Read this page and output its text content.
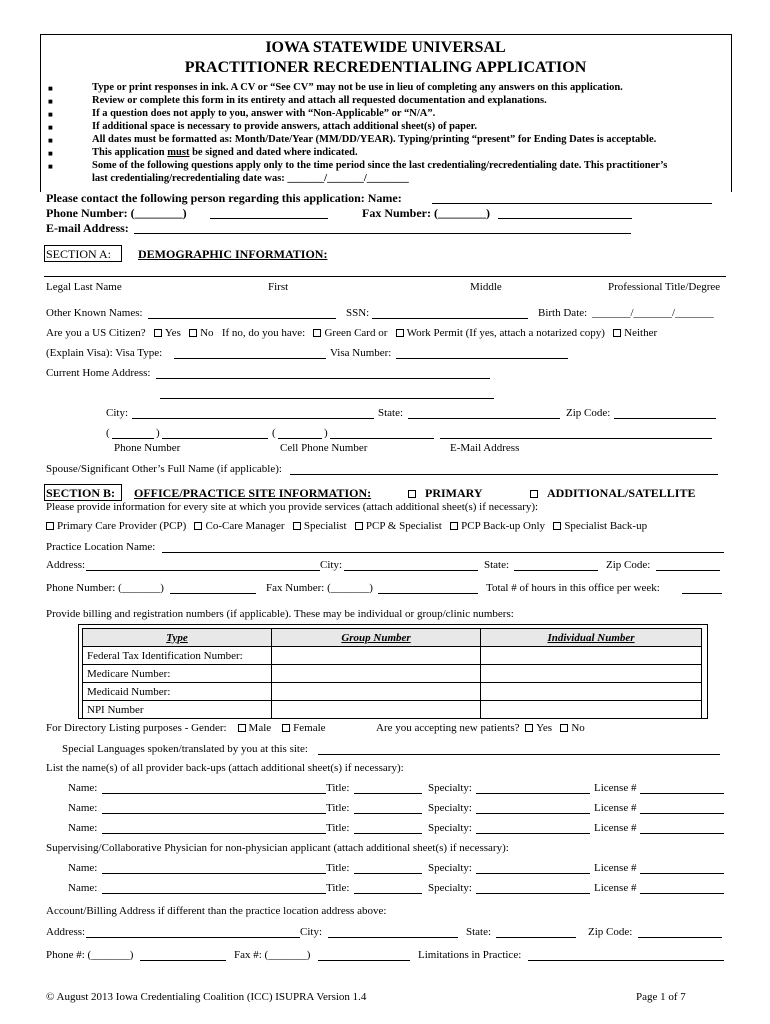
IOWA STATEWIDE UNIVERSAL
PRACTITIONER RECREDENTIALING APPLICATION
■	Type or print responses in ink. A CV or “See CV” may not be use in lieu of completing any answers on this application.
■	Review or complete this form in its entirety and attach all requested documentation and explanations.
■	If a question does not apply to you, answer with “Non-Applicable” or “N/A”.
■	If additional space is necessary to provide answers, attach additional sheet(s) of paper.
■	All dates must be formatted as: Month/Date/Year (MM/DD/YEAR). Typing/printing “present” for Ending Dates is acceptable.
■	This application must be signed and dated where indicated.
■	Some of the following questions apply only to the time period since the last credentialing/recredentialing date. This practitioner’s
last credentialing/recredentialing date was: _______/_______/________
Please contact the following person regarding this application: Name:
Phone Number: (________)	Fax Number: (________)
E-mail Address:
SECTION A: DEMOGRAPHIC INFORMATION:
Legal Last Name	First	Middle	Professional Title/Degree
Other Known Names:	SSN:	Birth Date: _______/_______/_______
Are you a US Citizen? Yes No If no, do you have: Green Card or Work Permit (If yes, attach a notarized copy) Neither
(Explain Visa): Visa Type:	Visa Number:
Current Home Address:
City:	State:	Zip Code:
(	)	(	)
Phone Number	Cell Phone Number	E-Mail Address
Spouse/Significant Other’s Full Name (if applicable):
SECTION B: OFFICE/PRACTICE SITE INFORMATION:	PRIMARY	ADDITIONAL/SATELLITE
Please provide information for every site at which you provide services (attach additional sheet(s) if necessary):
Primary Care Provider (PCP) Co-Care Manager Specialist PCP & Specialist PCP Back-up Only Specialist Back-up
Practice Location Name:
Address:	City:	State:	Zip Code:
Phone Number: (_______)	Fax Number: (_______)	Total # of hours in this office per week:
Provide billing and registration numbers (if applicable). These may be individual or group/clinic numbers:
Type	Group Number	Individual Number
Federal Tax Identification Number:		
Medicare Number:		
Medicaid Number:		
NPI Number		
For Directory Listing purposes - Gender: Male Female	Are you accepting new patients? Yes No
Special Languages spoken/translated by you at this site:
List the name(s) of all provider back-ups (attach additional sheet(s) if necessary):
Name:	Title:	Specialty:	License #
Name:	Title:	Specialty:	License #
Name:	Title:	Specialty:	License #
Supervising/Collaborative Physician for non-physician applicant (attach additional sheet(s) if necessary):
Name:	Title:	Specialty:	License #
Name:	Title:	Specialty:	License #
Account/Billing Address if different than the practice location address above:
Address:	City:	State:	Zip Code:
Phone #: (_______)	Fax #: (_______)	Limitations in Practice:
© August 2013 Iowa Credentialing Coalition (ICC) ISUPRA Version 1.4	Page 1 of 7
